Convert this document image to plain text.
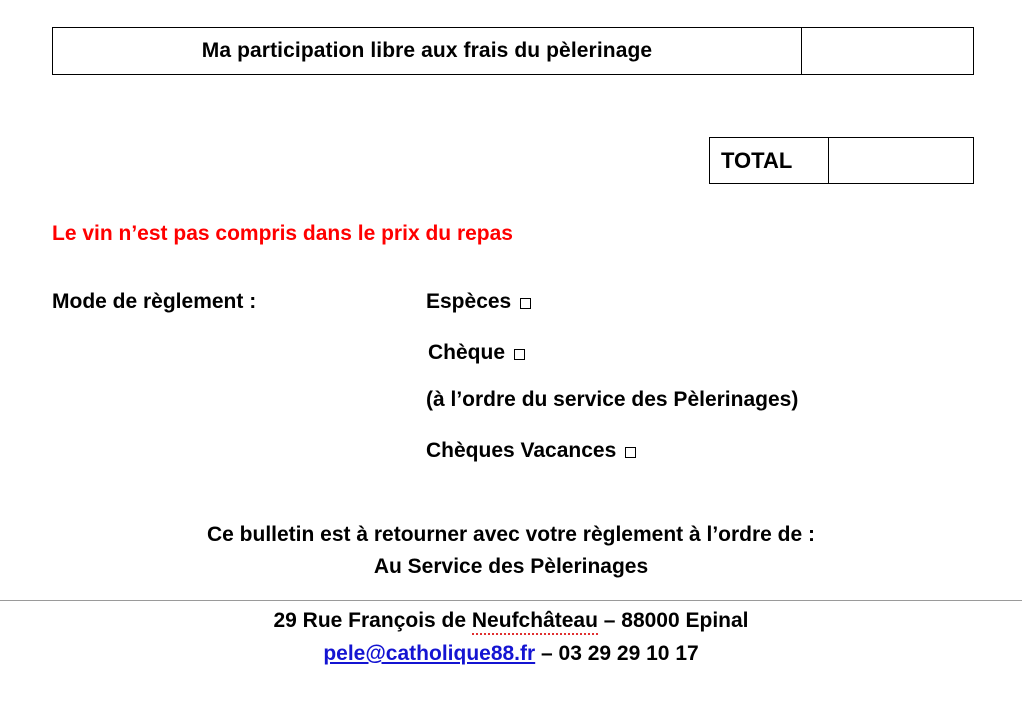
Ma participation libre aux frais du pèlerinage
TOTAL
Le vin n’est pas compris dans le prix du repas
Mode de règlement :	Espèces
Chèque
(à l’ordre du service des Pèlerinages)
Chèques Vacances
Ce bulletin est à retourner avec votre règlement à l’ordre de :
Au Service des Pèlerinages
29 Rue François de Neufchâteau – 88000 Epinal
pele@catholique88.fr – 03 29 29 10 17
